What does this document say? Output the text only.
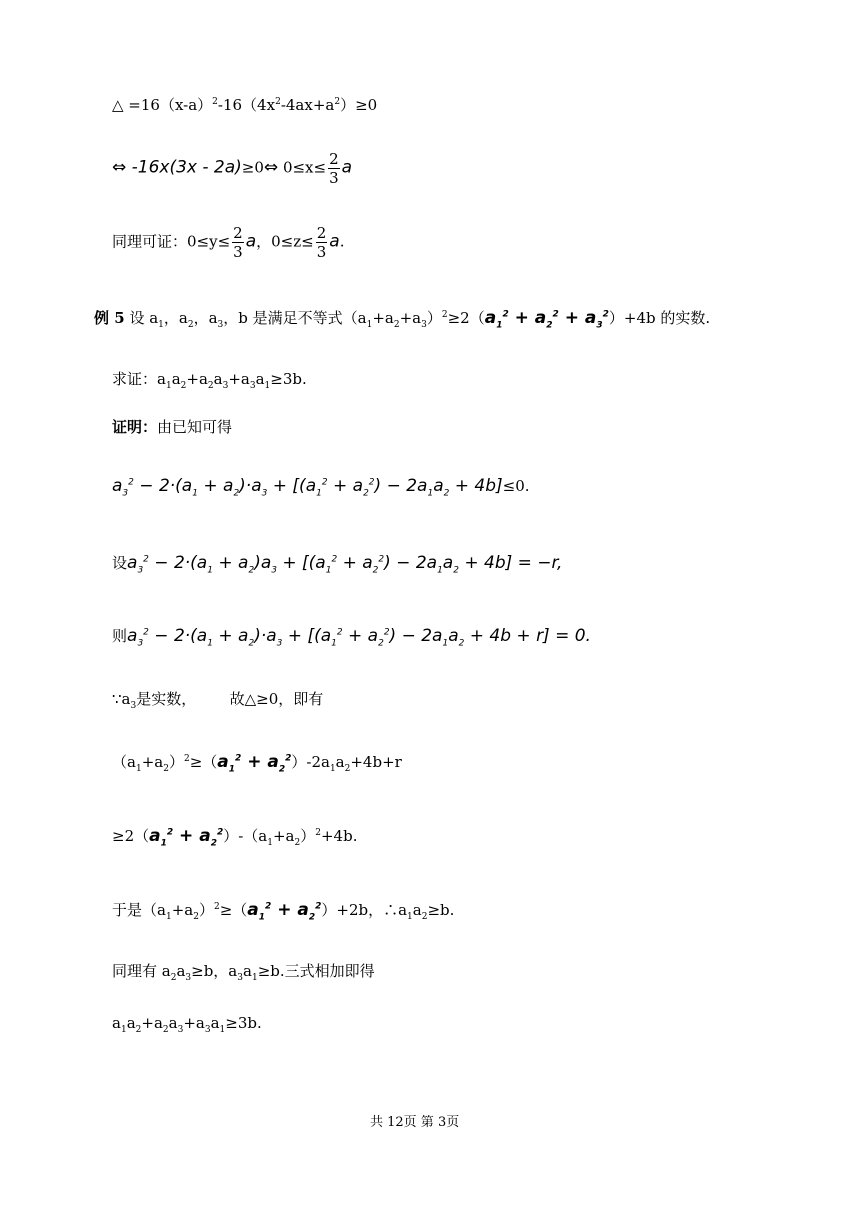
△ $=16(x-a)^2-16(4x^2-4ax+a^2)\ge 0$
⇔ -16x(3x - 2a)≥0⇔ $0\le x\le \frac{2}{3}$ a
同理可证：$0\le y\le \frac{2}{3}$ a，$0\le z\le \frac{2}{3} a$.
例 5 设 $a_1$，$a_2$，$a_3$，b 是满足不等式$(a_1+a_2+a_3)^2\ge 2(a_1^2 + a_2^2 + a_3^2)+4b$ 的实数.
求证：$a_1a_2+a_2a_3+a_3a_1\ge 3b$.
证明：由已知可得
$a_3^2 - 2\cdot(a_1 + a_2)\cdot a_3 + [(a_1^2 + a_2^2) - 2a_1a_2 + 4b]\le 0$.
设$a_3^2 - 2\cdot(a_1 + a_2)a_3 + [(a_1^2 + a_2^2) - 2a_1a_2 + 4b] = -r$,
则$a_3^2 - 2\cdot(a_1 + a_2)\cdot a_3 + [(a_1^2 + a_2^2) - 2a_1a_2 + 4b + r] = 0$.
$\because a_3$是实数，       故△≥0，即有
$(a_1+a_2)^2\ge(a_1^2 + a_2^2)-2a_1a_2+4b+r$
$\ge 2(a_1^2 + a_2^2)-(a_1+a_2)^2+4b$.
于是$(a_1+a_2)^2\ge(a_1^2 + a_2^2)+2b$，$\therefore a_1a_2\ge b$.
同理有 $a_2a_3\ge b$，$a_3a_1\ge b$.三式相加即得
$a_1a_2+a_2a_3+a_3a_1\ge 3b$.
共 12页 第 3页
